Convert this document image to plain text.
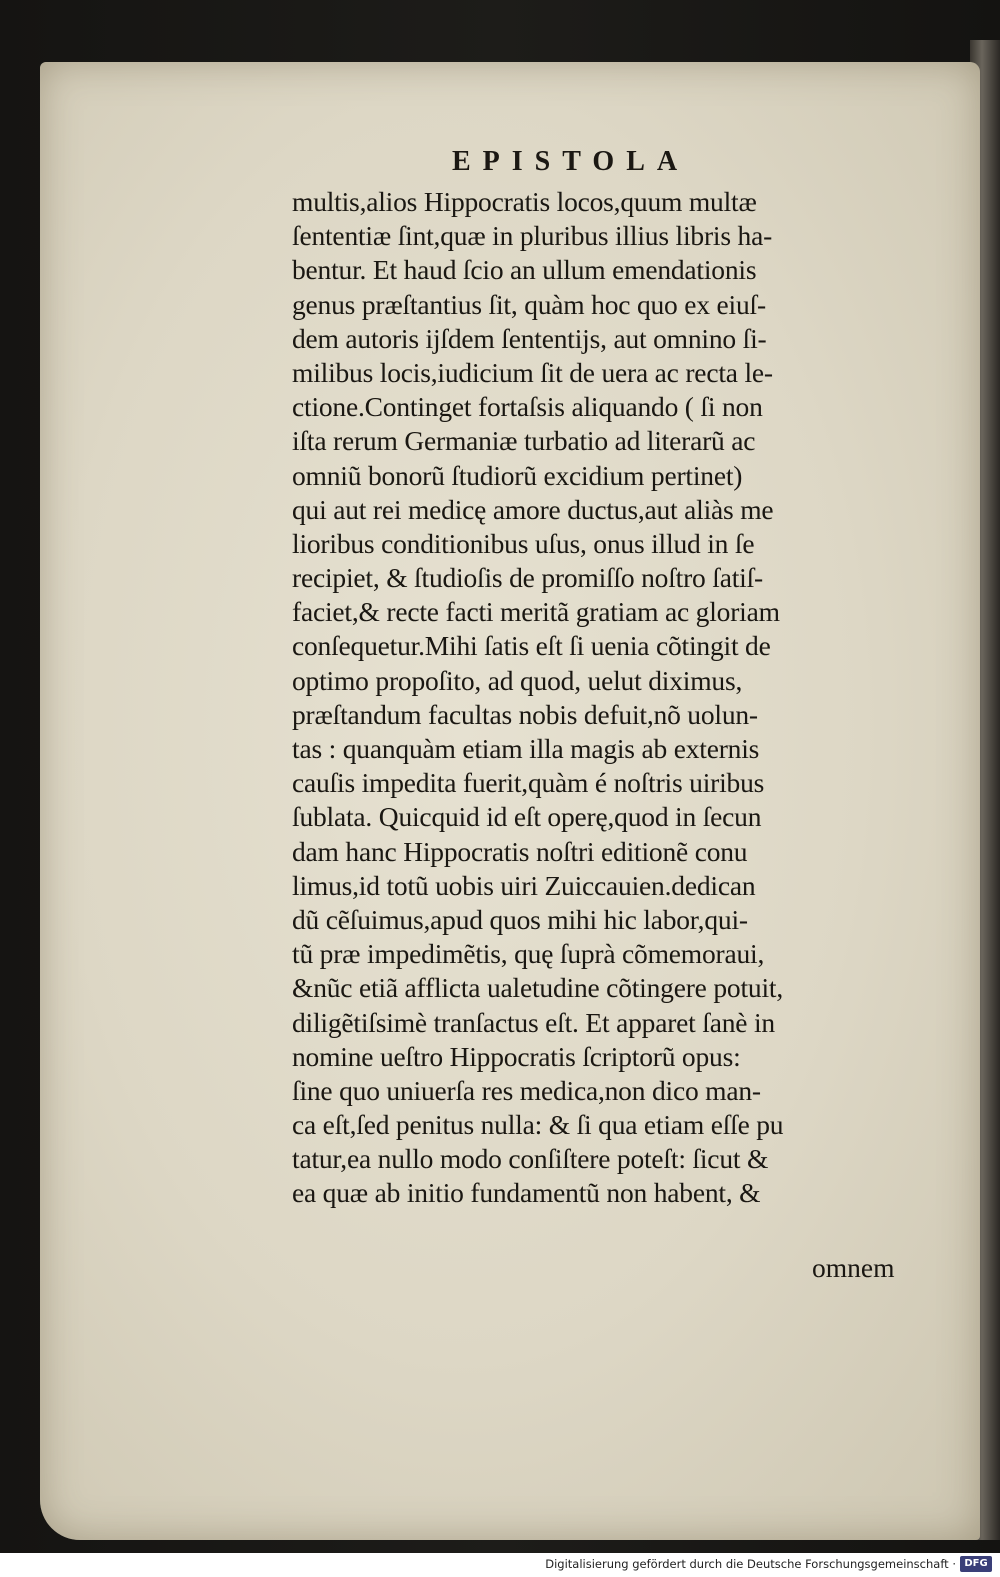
EPISTOLA
multis,alios Hippocratis locos,quum multæ
ſententiæ ſint,quæ in pluribus illius libris ha-
bentur. Et haud ſcio an ullum emendationis
genus præſtantius ſit, quàm hoc quo ex eiuſ-
dem autoris ijſdem ſententijs, aut omnino ſi-
milibus locis,iudicium ſit de uera ac recta le-
ctione.Continget fortaſsis aliquando ( ſi non
iſta rerum Germaniæ turbatio ad literarũ ac
omniũ bonorũ ſtudiorũ excidium pertinet)
qui aut rei medicę amore ductus,aut aliàs me
lioribus conditionibus uſus, onus illud in ſe
recipiet, & ſtudioſis de promiſſo noſtro ſatiſ-
faciet,& recte facti meritã gratiam ac gloriam
conſequetur.Mihi ſatis eſt ſi uenia cõtingit de
optimo propoſito, ad quod, uelut diximus,
præſtandum facultas nobis defuit,nõ uolun-
tas : quanquàm etiam illa magis ab externis
cauſis impedita fuerit,quàm é noſtris uiribus
ſublata. Quicquid id eſt operę,quod in ſecun
dam hanc Hippocratis noſtri editionẽ conu
limus,id totũ uobis uiri Zuiccauien.dedican
dũ cẽſuimus,apud quos mihi hic labor,qui-
tũ præ impedimẽtis, quę ſuprà cõmemoraui,
&nũc etiã afflicta ualetudine cõtingere potuit,
diligẽtiſsimè tranſactus eſt. Et apparet ſanè in
nomine ueſtro Hippocratis ſcriptorũ opus:
ſine quo uniuerſa res medica,non dico man-
ca eſt,ſed penitus nulla: & ſi qua etiam eſſe pu
tatur,ea nullo modo conſiſtere poteſt: ſicut &
ea quæ ab initio fundamentũ non habent, &
omnem
Digitalisierung gefördert durch die Deutsche Forschungsgemeinschaft · DFG
